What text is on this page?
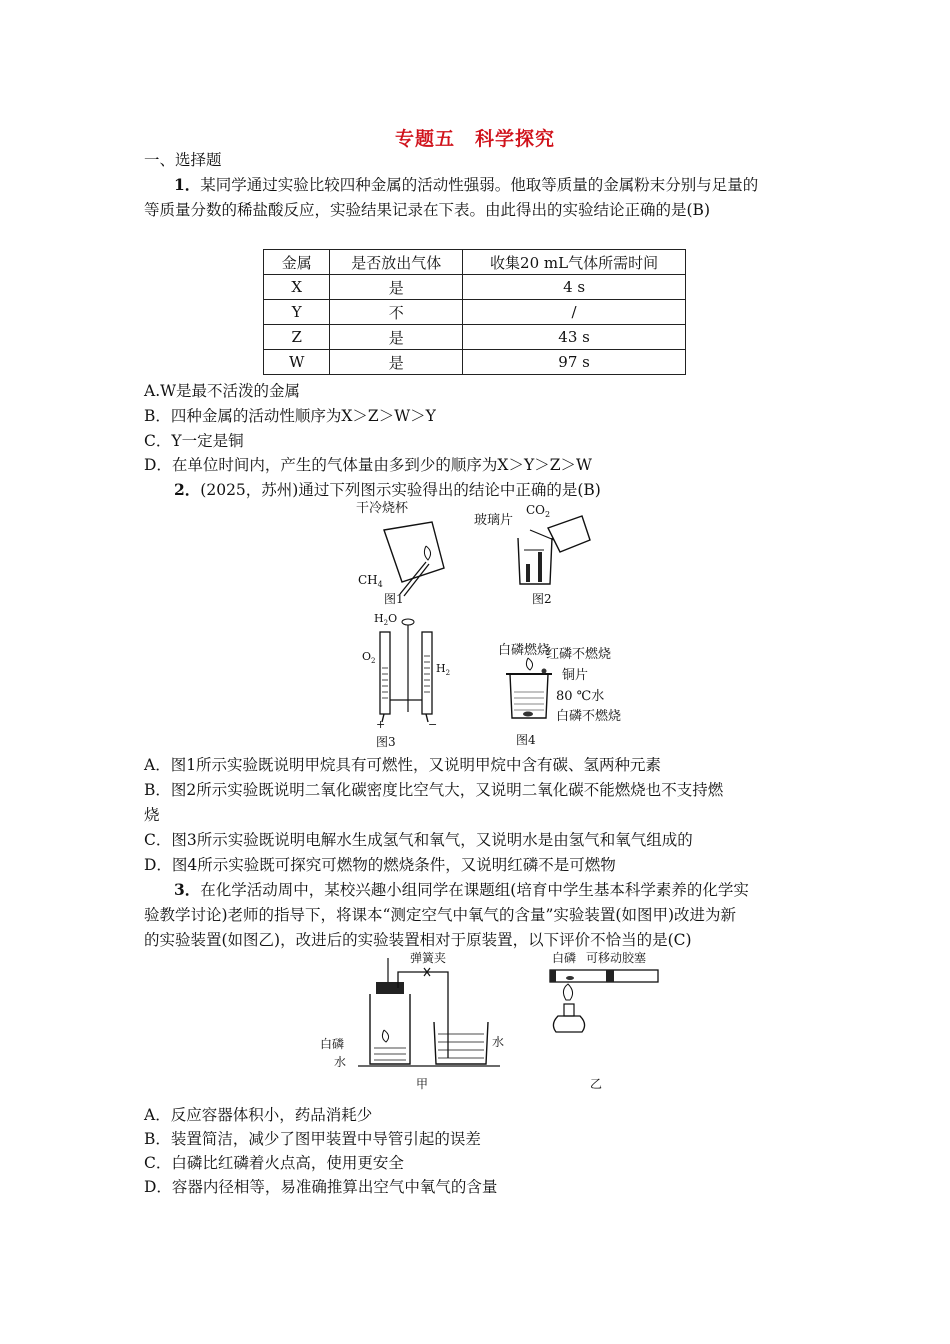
专题五　科学探究
一、选择题
1．某同学通过实验比较四种金属的活动性强弱。他取等质量的金属粉末分别与足量的
等质量分数的稀盐酸反应，实验结果记录在下表。由此得出的实验结论正确的是(B)
金属	是否放出气体	收集20 mL气体所需时间
X	是	4 s
Y	不	/
Z	是	43 s
W	是	97 s
A.W是最不活泼的金属
B．四种金属的活动性顺序为X＞Z＞W＞Y
C．Y一定是铜
D．在单位时间内，产生的气体量由多到少的顺序为X＞Y＞Z＞W
2．(2025，苏州)通过下列图示实验得出的结论中正确的是(B)
干冷烧杯
$CH_4$
图1
玻璃片
$CO_2$
图2
$H_2O$
$O_2$
$H_2$
+	−
图3
白磷燃烧
红磷不燃烧
铜片
80 ℃水
白磷不燃烧
图4
A．图1所示实验既说明甲烷具有可燃性，又说明甲烷中含有碳、氢两种元素
B．图2所示实验既说明二氧化碳密度比空气大，又说明二氧化碳不能燃烧也不支持燃
烧
C．图3所示实验既说明电解水生成氢气和氧气，又说明水是由氢气和氧气组成的
D．图4所示实验既可探究可燃物的燃烧条件，又说明红磷不是可燃物
3．在化学活动周中，某校兴趣小组同学在课题组(培育中学生基本科学素养的化学实
验教学讨论)老师的指导下，将课本“测定空气中氧气的含量”实验装置(如图甲)改进为新
的实验装置(如图乙)，改进后的实验装置相对于原装置，以下评价不恰当的是(C)
弹簧夹
白磷
水
水
甲
白磷 可移动胶塞
乙
A．反应容器体积小，药品消耗少
B．装置简洁，减少了图甲装置中导管引起的误差
C．白磷比红磷着火点高，使用更安全
D．容器内径相等，易准确推算出空气中氧气的含量
